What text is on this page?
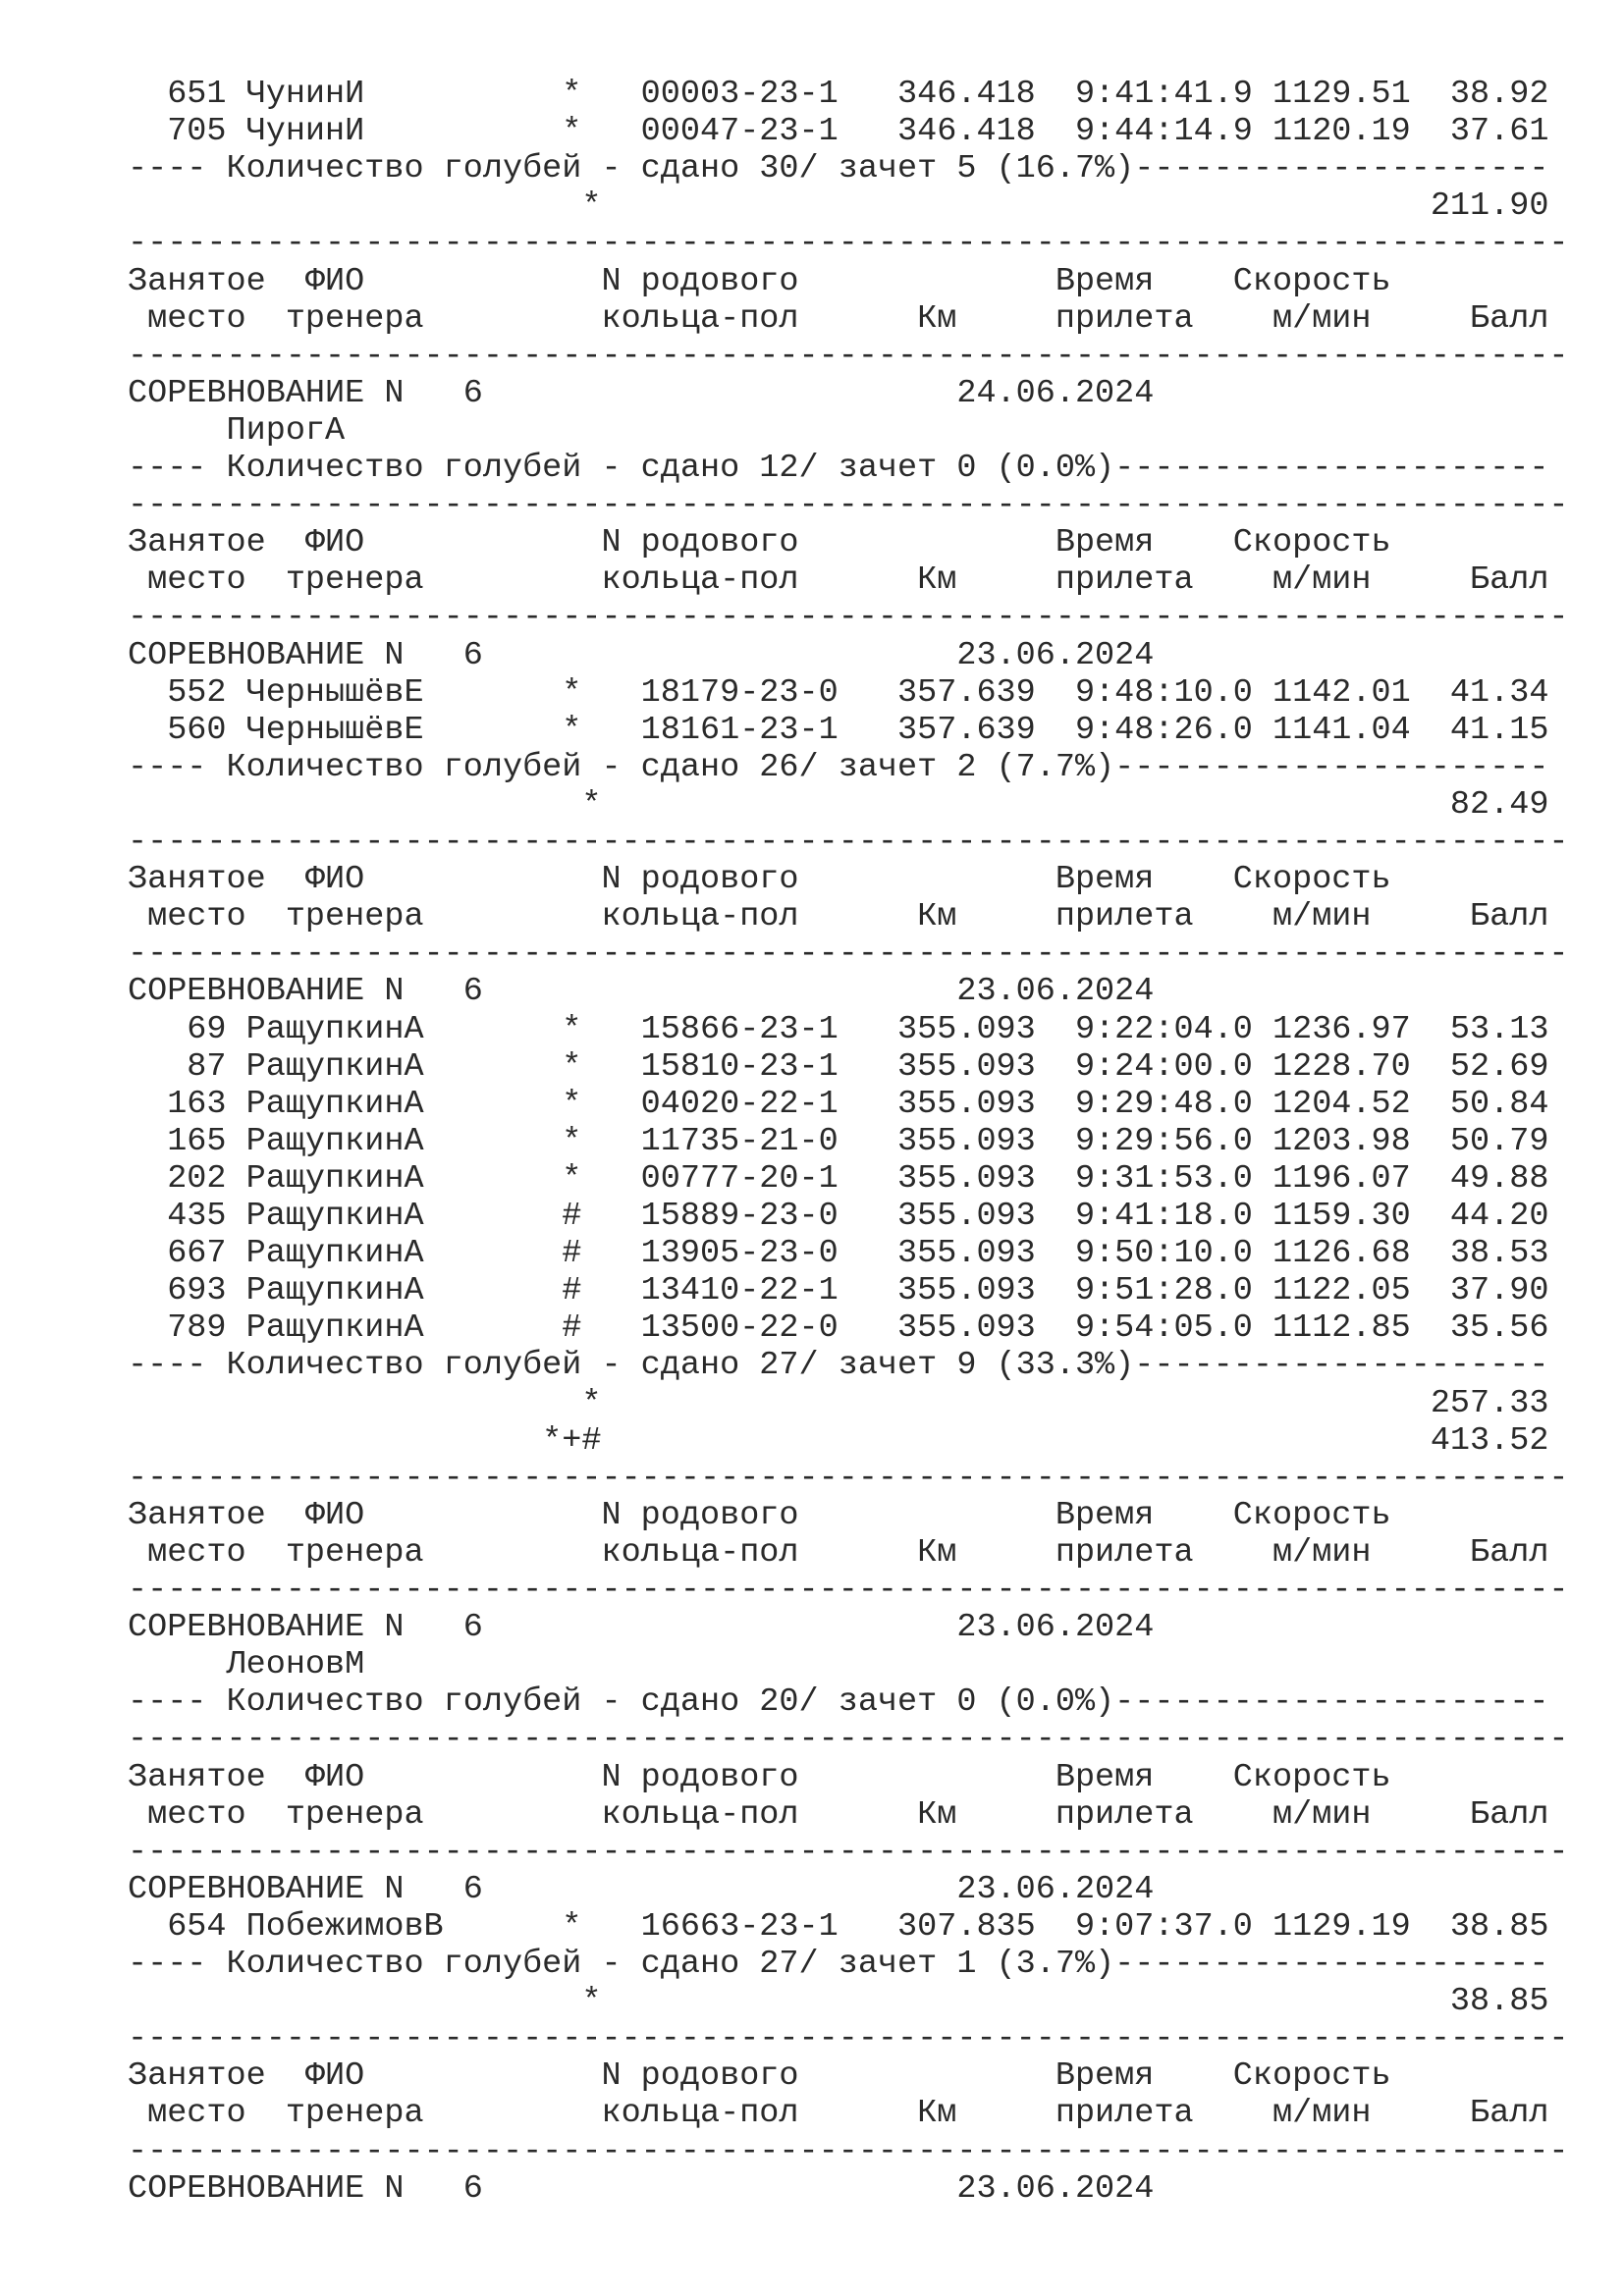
651 ЧунинИ          *   00003-23-1   346.418  9:41:41.9 1129.51  38.92
705 ЧунинИ          *   00047-23-1   346.418  9:44:14.9 1120.19  37.61
---- Количество голубей - сдано 30/ зачет 5 (16.7%)---------------------
*                                          211.90
-------------------------------------------------------------------------
Занятое  ФИО            N родового             Время    Скорость
место  тренера         кольца-пол      Км     прилета    м/мин     Балл
-------------------------------------------------------------------------
СОРЕВНОВАНИЕ N   6                        24.06.2024
ПирогА
---- Количество голубей - сдано 12/ зачет 0 (0.0%)----------------------
-------------------------------------------------------------------------
Занятое  ФИО            N родового             Время    Скорость
место  тренера         кольца-пол      Км     прилета    м/мин     Балл
-------------------------------------------------------------------------
СОРЕВНОВАНИЕ N   6                        23.06.2024
552 ЧернышёвЕ       *   18179-23-0   357.639  9:48:10.0 1142.01  41.34
560 ЧернышёвЕ       *   18161-23-1   357.639  9:48:26.0 1141.04  41.15
---- Количество голубей - сдано 26/ зачет 2 (7.7%)----------------------
*                                           82.49
-------------------------------------------------------------------------
Занятое  ФИО            N родового             Время    Скорость
место  тренера         кольца-пол      Км     прилета    м/мин     Балл
-------------------------------------------------------------------------
СОРЕВНОВАНИЕ N   6                        23.06.2024
69 РащупкинА       *   15866-23-1   355.093  9:22:04.0 1236.97  53.13
87 РащупкинА       *   15810-23-1   355.093  9:24:00.0 1228.70  52.69
163 РащупкинА       *   04020-22-1   355.093  9:29:48.0 1204.52  50.84
165 РащупкинА       *   11735-21-0   355.093  9:29:56.0 1203.98  50.79
202 РащупкинА       *   00777-20-1   355.093  9:31:53.0 1196.07  49.88
435 РащупкинА       #   15889-23-0   355.093  9:41:18.0 1159.30  44.20
667 РащупкинА       #   13905-23-0   355.093  9:50:10.0 1126.68  38.53
693 РащупкинА       #   13410-22-1   355.093  9:51:28.0 1122.05  37.90
789 РащупкинА       #   13500-22-0   355.093  9:54:05.0 1112.85  35.56
---- Количество голубей - сдано 27/ зачет 9 (33.3%)---------------------
*                                          257.33
*+#                                          413.52
-------------------------------------------------------------------------
Занятое  ФИО            N родового             Время    Скорость
место  тренера         кольца-пол      Км     прилета    м/мин     Балл
-------------------------------------------------------------------------
СОРЕВНОВАНИЕ N   6                        23.06.2024
ЛеоновМ
---- Количество голубей - сдано 20/ зачет 0 (0.0%)----------------------
-------------------------------------------------------------------------
Занятое  ФИО            N родового             Время    Скорость
место  тренера         кольца-пол      Км     прилета    м/мин     Балл
-------------------------------------------------------------------------
СОРЕВНОВАНИЕ N   6                        23.06.2024
654 ПобежимовВ      *   16663-23-1   307.835  9:07:37.0 1129.19  38.85
---- Количество голубей - сдано 27/ зачет 1 (3.7%)----------------------
*                                           38.85
-------------------------------------------------------------------------
Занятое  ФИО            N родового             Время    Скорость
место  тренера         кольца-пол      Км     прилета    м/мин     Балл
-------------------------------------------------------------------------
СОРЕВНОВАНИЕ N   6                        23.06.2024
